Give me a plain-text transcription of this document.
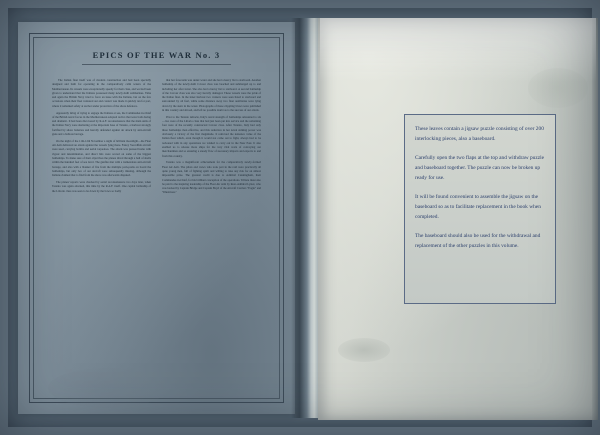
EPICS OF THE WAR No. 3

The Italian fleet itself was of modern construction and had been specially designed and built for operating in the comparatively calm waters of the Mediterranean. Its vessels were exceptionally speedy for their class, and we had been given to understand that the Italians possessed many newly-built submarines. Time and again the British Navy tried to force an issue with the Italians, but on the few occasions when their fleet ventured out and contact was made it quickly ran for port, where it remained safely at anchor under protection of the shore defences.

Apparently tiring of trying to engage the Italians at sea, the Commander-in-Chief of the British naval forces in the Mediterranean adopted tactics that were both daring and dramatic. It had been discovered by R.A.F. reconnaissance that the main units of the Italian Navy were sheltering at the important base of Taranto, a harbour strongly fortified by shore batteries and heavily defended against air attack by anti-aircraft guns and a balloon barrage.

On the night of the 11th-12th November a night of brilliant moonlight—the Fleet Air Arm delivered an attack against the vessels lying there. Fairey Swordfish aircraft were used, carrying bombs and aerial torpedoes. The attack was pressed home with vigour and determination, and direct hits were scored on some of the biggest battleships. To make sure of their objectives the planes dived through a hail of shells within the hundred feet of sea level. The gunfire met with a tremendous anti-aircraft barrage, and also with a blanket of fire from the multiple pom-poms on board the battleships, but only two of our aircraft were subsequently missing, although the Italians claimed that to find from the shore was afterwards disputed.

The planes' reports were checked by aerial reconnaissance two days later, when Taranto was again attacked, this time by the R.A.F. itself. One capital battleship of the Littorio class was seen to be down by the bows so badly

that her forecastle was under water and she had a heavy list to starboard. Another battleship of the newly-built Cavour class was beached and submerged up to and including her after turret. She also had a heavy list to starboard. A second battleship of the Cavour class was also very heavily damaged. These vessels were the pride of the Italian fleet. In the inner harbour two cruisers were seen listed to starboard and surrounded by oil fuel, while some distance away two fleet auxiliaries were lying down by the stern in the water. Photographs of these crippling blows were published in this country and abroad, and left no possible doubt as to the success of our attack.

Prior to the Taranto debacle, Italy's naval strength of battleships amounted to six—two were of the Littorio class that had just been put into service and the remaining four were of the recently constructed Cavour class. After Taranto, Italy had only three battleships then effective, and this reduction in her naval striking power was obviously a victory of the first magnitude. It removed the nuisance value of the Italian fleet which, even though it would not come out to fight, always had to be reckoned with in any operations we wished to carry out in the Near East. It also enabled us to release more ships for the very vital work of convoying our merchantmen and so ensuring a steady flow of necessary imports and exports to and from this country.

Taranto was a magnificent achievement for the comparatively newly-formed Fleet Air Arm. The pilots and crews who took part in the raid were practically all quite young men, full of fighting spirit and willing to take any risk for an almost impossible prize. The greatest credit is due to Admiral Cunningham, their Commander-in-Chief, for his brilliant conception of the operations. Tribute must also be paid to the inspiring leadership of the Fleet Air Arm by Rear-Admiral Lyster, who was backed by Captain Bridge and Captain Boyd of the Aircraft Carriers "Eagle" and "Illustrious."

These leaves contain a jigsaw puzzle consisting of over 200 interlocking pieces, also a baseboard.

Carefully open the two flaps at the top and withdraw puzzle and baseboard together. The puzzle can now be broken up ready for use.

It will be found convenient to assemble the jigsaw on the baseboard so as to facilitate replacement in the book when completed.

The baseboard should also be used for the withdrawal and replacement of the other puzzles in this volume.
